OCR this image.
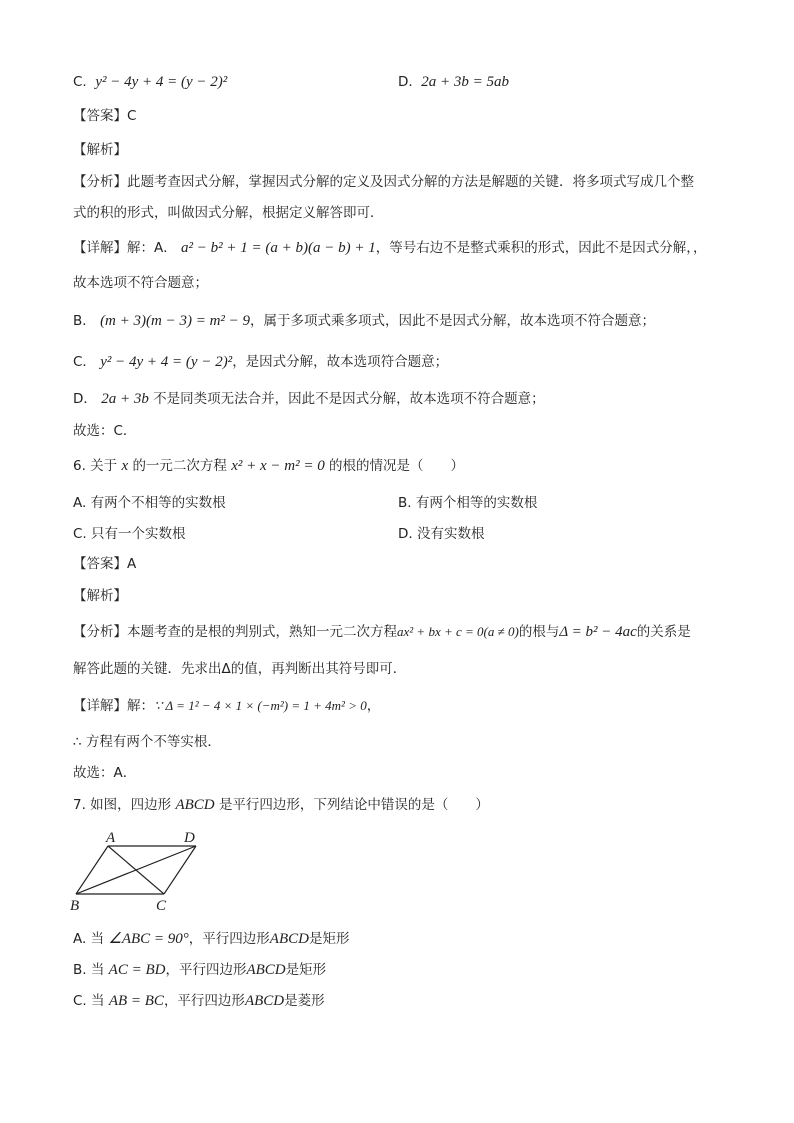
C. y² − 4y + 4 = (y − 2)²	D. 2a + 3b = 5ab
【答案】C
【解析】
【分析】此题考查因式分解，掌握因式分解的定义及因式分解的方法是解题的关键．将多项式写成几个整
式的积的形式，叫做因式分解，根据定义解答即可．
【详解】解：A． a² − b² + 1 = (a + b)(a − b) + 1，等号右边不是整式乘积的形式，因此不是因式分解，，
故本选项不符合题意；
B． (m + 3)(m − 3) = m² − 9，属于多项式乘多项式，因此不是因式分解，故本选项不符合题意；
C． y² − 4y + 4 = (y − 2)²，是因式分解，故本选项符合题意；
D． 2a + 3b 不是同类项无法合并，因此不是因式分解，故本选项不符合题意；
故选：C．
6. 关于 x 的一元二次方程 x² + x − m² = 0 的根的情况是（　　）
A. 有两个不相等的实数根	B. 有两个相等的实数根
C. 只有一个实数根	D. 没有实数根
【答案】A
【解析】
【分析】本题考查的是根的判别式，熟知一元二次方程ax² + bx + c = 0(a ≠ 0)的根与Δ = b² − 4ac的关系是
解答此题的关键．先求出Δ的值，再判断出其符号即可．
【详解】解：∵ Δ = 1² − 4 × 1 × (−m²) = 1 + 4m² > 0，
∴ 方程有两个不等实根．
故选：A．
7. 如图，四边形 ABCD 是平行四边形，下列结论中错误的是（　　）
A	D
B	C
A. 当 ∠ABC = 90°，平行四边形ABCD是矩形
B. 当 AC = BD，平行四边形ABCD是矩形
C. 当 AB = BC，平行四边形ABCD是菱形
